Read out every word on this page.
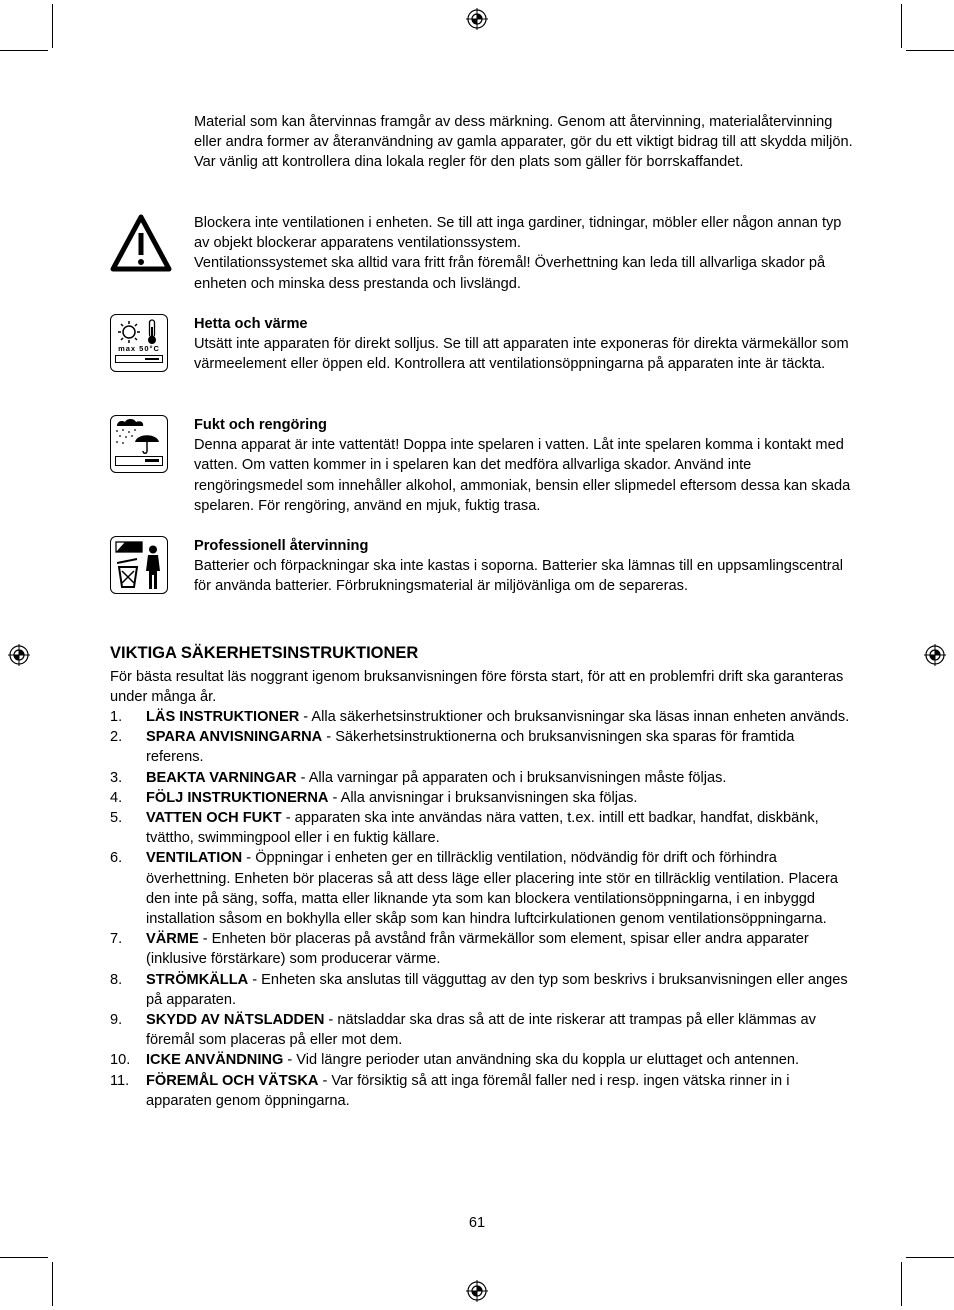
Material som kan återvinnas framgår av dess märkning. Genom att återvinning, materialåtervinning eller andra former av återanvändning av gamla apparater, gör du ett viktigt bidrag till att skydda miljön.

Var vänlig att kontrollera dina lokala regler för den plats som gäller för borrskaffandet.

Blockera inte ventilationen i enheten. Se till att inga gardiner, tidningar, möbler eller någon annan typ av objekt blockerar apparatens ventilationssystem.

Ventilationssystemet ska alltid vara fritt från föremål! Överhettning kan leda till allvarliga skador på enheten och minska dess prestanda och livslängd.

max 50°C

Hetta och värme

Utsätt inte apparaten för direkt solljus. Se till att apparaten inte exponeras för direkta värmekällor som värmeelement eller öppen eld. Kontrollera att ventilationsöppningarna på apparaten inte är täckta.

Fukt och rengöring

Denna apparat är inte vattentät! Doppa inte spelaren i vatten. Låt inte spelaren komma i kontakt med vatten. Om vatten kommer in i spelaren kan det medföra allvarliga skador. Använd inte rengöringsmedel som innehåller alkohol, ammoniak, bensin eller slipmedel eftersom dessa kan skada spelaren. För rengöring, använd en mjuk, fuktig trasa.

Professionell återvinning

Batterier och förpackningar ska inte kastas i soporna. Batterier ska lämnas till en uppsamlingscentral för använda batterier. Förbrukningsmaterial är miljövänliga om de separeras.

VIKTIGA SÄKERHETSINSTRUKTIONER

För bästa resultat läs noggrant igenom bruksanvisningen före första start, för att en problemfri drift ska garanteras under många år.

1. LÄS INSTRUKTIONER - Alla säkerhetsinstruktioner och bruksanvisningar ska läsas innan enheten används.
2. SPARA ANVISNINGARNA - Säkerhetsinstruktionerna och bruksanvisningen ska sparas för framtida referens.
3. BEAKTA VARNINGAR - Alla varningar på apparaten och i bruksanvisningen måste följas.
4. FÖLJ INSTRUKTIONERNA - Alla anvisningar i bruksanvisningen ska följas.
5. VATTEN OCH FUKT - apparaten ska inte användas nära vatten, t.ex. intill ett badkar, handfat, diskbänk, tvättho, swimmingpool eller i en fuktig källare.
6. VENTILATION - Öppningar i enheten ger en tillräcklig ventilation, nödvändig för drift och förhindra överhettning. Enheten bör placeras så att dess läge eller placering inte stör en tillräcklig ventilation. Placera den inte på säng, soffa, matta eller liknande yta som kan blockera ventilationsöppningarna, i en inbyggd installation såsom en bokhylla eller skåp som kan hindra luftcirkulationen genom ventilationsöppningarna.
7. VÄRME - Enheten bör placeras på avstånd från värmekällor som element, spisar eller andra apparater (inklusive förstärkare) som producerar värme.
8. STRÖMKÄLLA - Enheten ska anslutas till vägguttag av den typ som beskrivs i bruksanvisningen eller anges på apparaten.
9. SKYDD AV NÄTSLADDEN - nätsladdar ska dras så att de inte riskerar att trampas på eller klämmas av föremål som placeras på eller mot dem.
10. ICKE ANVÄNDNING - Vid längre perioder utan användning ska du koppla ur eluttaget och antennen.
11. FÖREMÅL OCH VÄTSKA - Var försiktig så att inga föremål faller ned i resp. ingen vätska rinner in i apparaten genom öppningarna.
61
